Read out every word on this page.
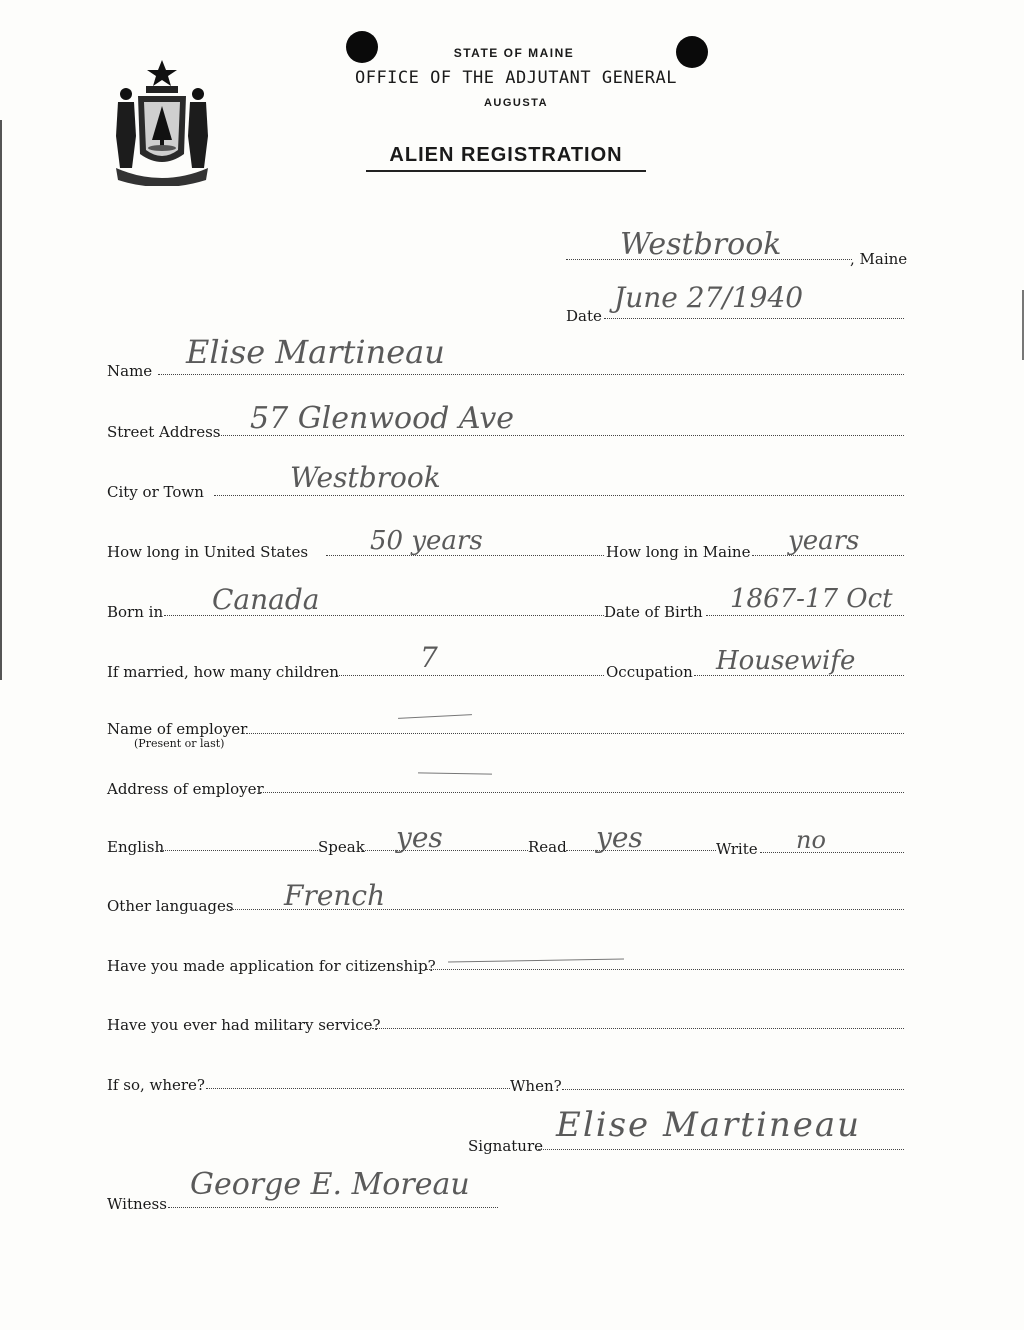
STATE OF MAINE
OFFICE OF THE ADJUTANT GENERAL
AUGUSTA
ALIEN REGISTRATION
Westbrook	, Maine
Date
June 27/1940
Name Elise Martineau
Street Address 57 Glenwood Ave
City or Town	Westbrook
How long in United States 50 years	How long in Maine years
Born in Canada	Date of Birth 1867-17 Oct
If married, how many children	7	Occupation Housewife
Name of employer
(Present or last)
Address of employer
English	Speak yes	Read yes	Write no
Other languages French
Have you made application for citizenship?
Have you ever had military service?
If so, where?	When?
Signature
Elise Martineau
Witness
George E. Moreau
